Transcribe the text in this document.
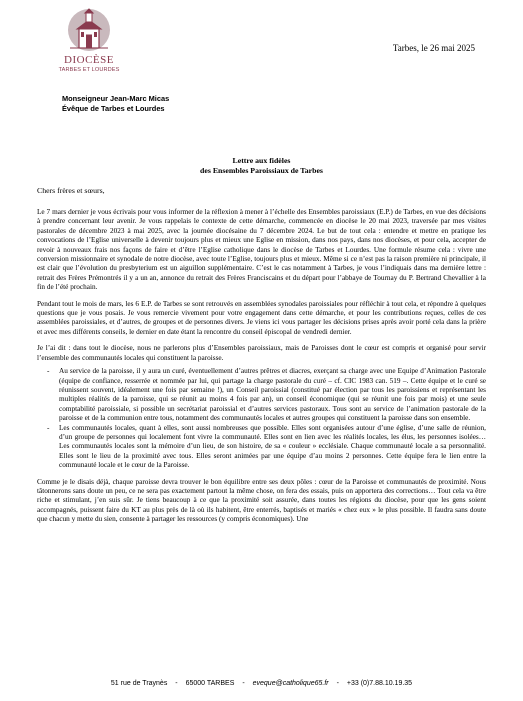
DIOCÈSE
TARBES ET LOURDES
Tarbes, le 26 mai 2025
Monseigneur Jean-Marc Micas
Évêque de Tarbes et Lourdes
Lettre aux fidèles
des Ensembles Paroissiaux de Tarbes
Chers frères et sœurs,

Le 7 mars dernier je vous écrivais pour vous informer de la réflexion à mener à l’échelle des Ensembles paroissiaux (E.P.) de Tarbes, en vue des décisions à prendre concernant leur avenir. Je vous rappelais le contexte de cette démarche, commencée en diocèse le 20 mai 2023, traversée par mes visites pastorales de décembre 2023 à mai 2025, avec la journée diocésaine du 7 décembre 2024. Le but de tout cela : entendre et mettre en pratique les convocations de l’Eglise universelle à devenir toujours plus et mieux une Eglise en mission, dans nos pays, dans nos diocèses, et pour cela, accepter de revoir à nouveaux frais nos façons de faire et d’être l’Eglise catholique dans le diocèse de Tarbes et Lourdes. Une formule résume cela : vivre une conversion missionnaire et synodale de notre diocèse, avec toute l’Eglise, toujours plus et mieux. Même si ce n’est pas la raison première ni principale, il est clair que l’évolution du presbyterium est un aiguillon supplémentaire. C’est le cas notamment à Tarbes, je vous l’indiquais dans ma dernière lettre : retrait des Frères Prémontrés il y a un an, annonce du retrait des Frères Franciscains et du départ pour l’abbaye de Tournay du P. Bertrand Chevallier à la fin de l’été prochain.

Pendant tout le mois de mars, les 6 E.P. de Tarbes se sont retrouvés en assemblées synodales paroissiales pour réfléchir à tout cela, et répondre à quelques questions que je vous posais. Je vous remercie vivement pour votre engagement dans cette démarche, et pour les contributions reçues, celles de ces assemblées paroissiales, et d’autres, de groupes et de personnes divers. Je viens ici vous partager les décisions prises après avoir porté cela dans la prière et avec mes différents conseils, le dernier en date étant la rencontre du conseil épiscopal de vendredi dernier.

Je l’ai dit : dans tout le diocèse, nous ne parlerons plus d’Ensembles paroissiaux, mais de Paroisses dont le cœur est compris et organisé pour servir l’ensemble des communautés locales qui constituent la paroisse.

- Au service de la paroisse, il y aura un curé, éventuellement d’autres prêtres et diacres, exerçant sa charge avec une Equipe d’Animation Pastorale (équipe de confiance, resserrée et nommée par lui, qui partage la charge pastorale du curé – cf. CIC 1983 can. 519 –. Cette équipe et le curé se réunissent souvent, idéalement une fois par semaine !), un Conseil paroissial (constitué par élection par tous les paroissiens et représentant les multiples réalités de la paroisse, qui se réunit au moins 4 fois par an), un conseil économique (qui se réunit une fois par mois) et une seule comptabilité paroissiale, si possible un secrétariat paroissial et d’autres services pastoraux. Tous sont au service de l’animation pastorale de la paroisse et de la communion entre tous, notamment des communautés locales et autres groupes qui constituent la paroisse dans son ensemble.
- Les communautés locales, quant à elles, sont aussi nombreuses que possible. Elles sont organisées autour d’une église, d’une salle de réunion, d’un groupe de personnes qui localement font vivre la communauté. Elles sont en lien avec les réalités locales, les élus, les personnes isolées… Les communautés locales sont la mémoire d’un lieu, de son histoire, de sa « couleur » ecclésiale. Chaque communauté locale a sa personnalité. Elles sont le lieu de la proximité avec tous. Elles seront animées par une équipe d’au moins 2 personnes. Cette équipe fera le lien entre la communauté locale et le cœur de la Paroisse.

Comme je le disais déjà, chaque paroisse devra trouver le bon équilibre entre ses deux pôles : cœur de la Paroisse et communautés de proximité. Nous tâtonnerons sans doute un peu, ce ne sera pas exactement partout la même chose, on fera des essais, puis on apportera des corrections… Tout cela va être riche et stimulant, j’en suis sûr. Je tiens beaucoup à ce que la proximité soit assurée, dans toutes les régions du diocèse, pour que les gens soient accompagnés, puissent faire du KT au plus près de là où ils habitent, être enterrés, baptisés et mariés « chez eux » le plus possible. Il faudra sans doute que chacun y mette du sien, consente à partager les ressources (y compris économiques). Une

51 rue de Traynès - 65000 TARBES - eveque@catholique65.fr - +33 (0)7.88.10.19.35
